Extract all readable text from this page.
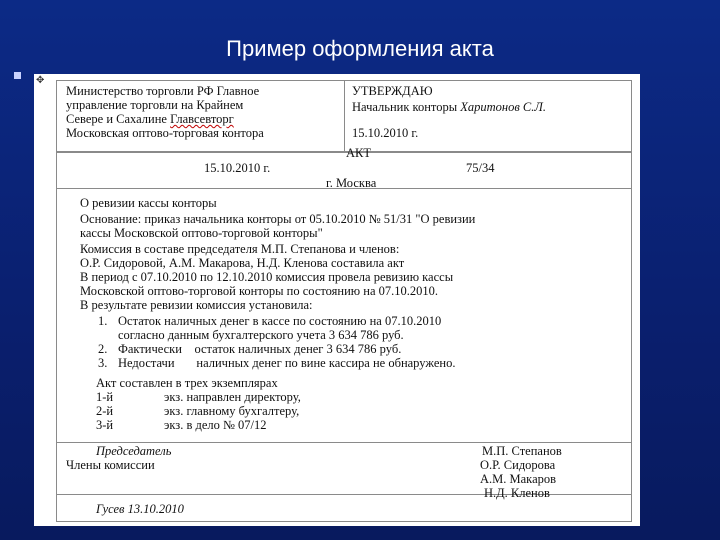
Пример оформления акта
✥
Министерство торговли РФ Главное
управление торговли на Крайнем
Севере и Сахалине Главсевторг
Московская оптово-торговая контора
УТВЕРЖДАЮ
Начальник конторы Харитонов С.Л.
15.10.2010 г.
АКТ
15.10.2010 г.	75/34
г. Москва
О ревизии кассы конторы
Основание: приказ начальника конторы от 05.10.2010 № 51/31 "О ревизии
кассы Московской оптово-торговой конторы"
Комиссия в составе председателя М.П. Степанова и членов:
О.Р. Сидоровой, А.М. Макарова, Н.Д. Кленова составила акт
В период с 07.10.2010 по 12.10.2010 комиссия провела ревизию кассы
Московской оптово-торговой конторы по состоянию на 07.10.2010.
В результате ревизии комиссия установила:
1. Остаток наличных денег в кассе по состоянию на 07.10.2010
согласно данным бухгалтерского учета 3 634 786 руб.
2. Фактически    остаток наличных денег 3 634 786 руб.
3. Недостачи       наличных денег по вине кассира не обнаружено.
Акт составлен в трех экземплярах
1-й	экз. направлен директору,
2-й	экз. главному бухгалтеру,
3-й	экз. в дело № 07/12
Председатель	М.П. Степанов
Члены комиссии	О.Р. Сидорова
А.М. Макаров
Н.Д. Кленов
Гусев 13.10.2010
